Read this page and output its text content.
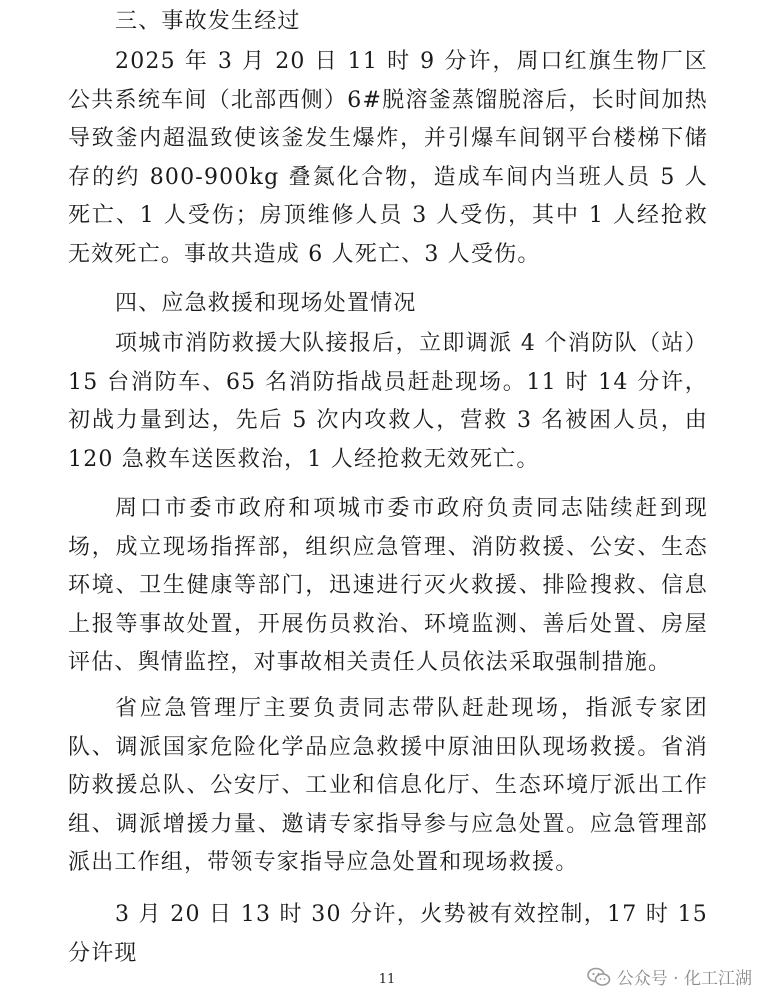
三、事故发生经过

2025 年 3 月 20 日 11 时 9 分许，周口红旗生物厂区公共系统车间（北部西侧）6#脱溶釜蒸馏脱溶后，长时间加热导致釜内超温致使该釜发生爆炸，并引爆车间钢平台楼梯下储存的约 800-900kg 叠氮化合物，造成车间内当班人员 5 人死亡、1 人受伤；房顶维修人员 3 人受伤，其中 1 人经抢救无效死亡。事故共造成 6 人死亡、3 人受伤。

四、应急救援和现场处置情况

项城市消防救援大队接报后，立即调派 4 个消防队（站）15 台消防车、65 名消防指战员赶赴现场。11 时 14 分许，初战力量到达，先后 5 次内攻救人，营救 3 名被困人员，由 120 急救车送医救治，1 人经抢救无效死亡。

周口市委市政府和项城市委市政府负责同志陆续赶到现场，成立现场指挥部，组织应急管理、消防救援、公安、生态环境、卫生健康等部门，迅速进行灭火救援、排险搜救、信息上报等事故处置，开展伤员救治、环境监测、善后处置、房屋评估、舆情监控，对事故相关责任人员依法采取强制措施。

省应急管理厅主要负责同志带队赶赴现场，指派专家团队、调派国家危险化学品应急救援中原油田队现场救援。省消防救援总队、公安厅、工业和信息化厅、生态环境厅派出工作组、调派增援力量、邀请专家指导参与应急处置。应急管理部派出工作组，带领专家指导应急处置和现场救援。

3 月 20 日 13 时 30 分许，火势被有效控制，17 时 15 分许现

11	公众号 · 化工江湖
